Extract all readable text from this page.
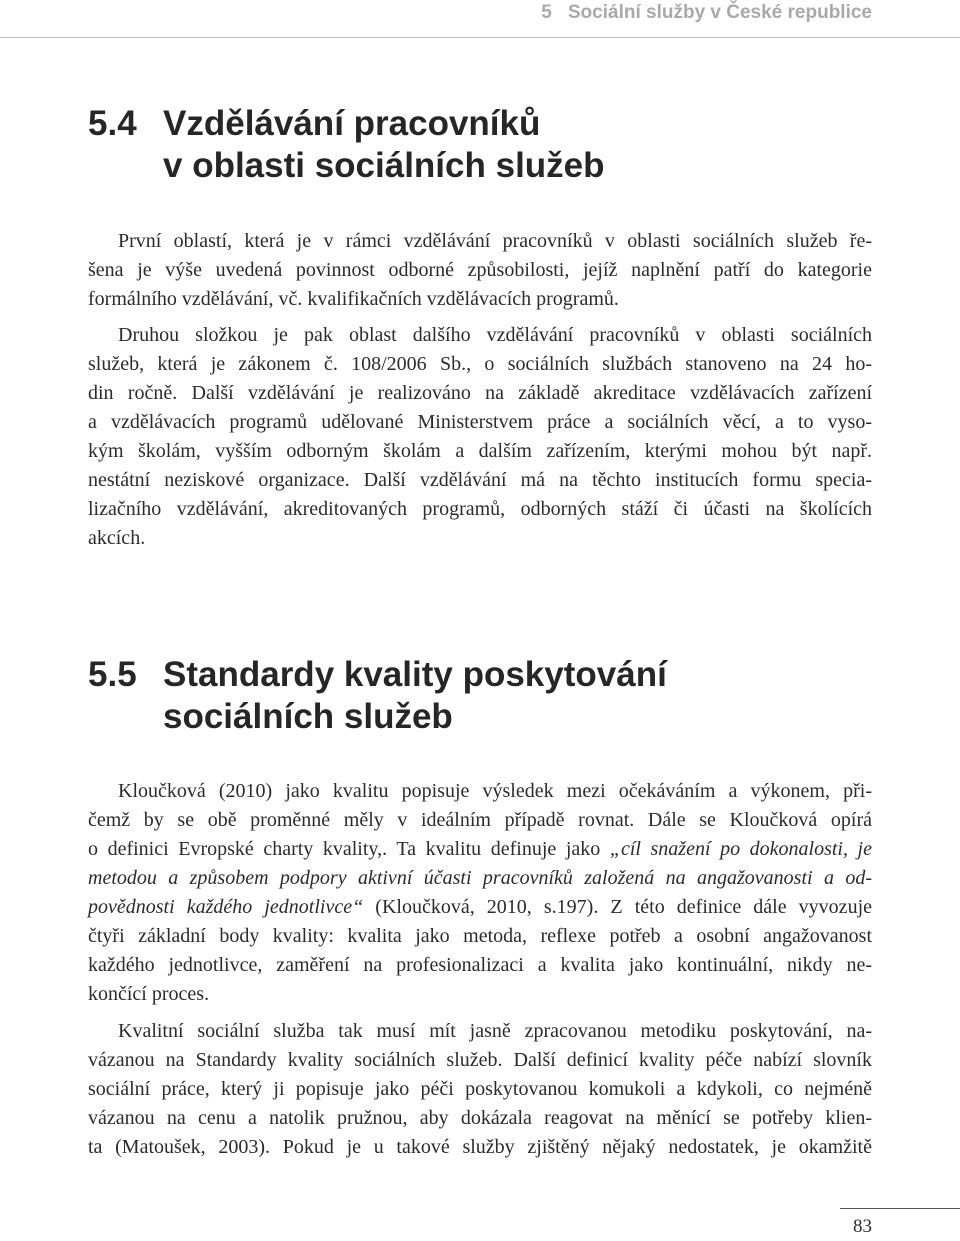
5 Sociální služby v České republice
5.4 Vzdělávání pracovníků
v oblasti sociálních služeb

První oblastí, která je v rámci vzdělávání pracovníků v oblasti sociálních služeb ře-
šena je výše uvedená povinnost odborné způsobilosti, jejíž naplnění patří do kategorie
formálního vzdělávání, vč. kvalifikačních vzdělávacích programů.

Druhou složkou je pak oblast dalšího vzdělávání pracovníků v oblasti sociálních
služeb, která je zákonem č. 108/2006 Sb., o sociálních službách stanoveno na 24 ho-
din ročně. Další vzdělávání je realizováno na základě akreditace vzdělávacích zařízení
a vzdělávacích programů udělované Ministerstvem práce a sociálních věcí, a to vyso-
kým školám, vyšším odborným školám a dalším zařízením, kterými mohou být např.
nestátní neziskové organizace. Další vzdělávání má na těchto institucích formu specia-
lizačního vzdělávání, akreditovaných programů, odborných stáží či účasti na školících
akcích.

5.5 Standardy kvality poskytování
sociálních služeb

Kloučková (2010) jako kvalitu popisuje výsledek mezi očekáváním a výkonem, při-
čemž by se obě proměnné měly v ideálním případě rovnat. Dále se Kloučková opírá
o definici Evropské charty kvality,. Ta kvalitu definuje jako „cíl snažení po dokonalosti, je
metodou a způsobem podpory aktivní účasti pracovníků založená na angažovanosti a od-
povědnosti každého jednotlivce“ (Kloučková, 2010, s.197). Z této definice dále vyvozuje
čtyři základní body kvality: kvalita jako metoda, reflexe potřeb a osobní angažovanost
každého jednotlivce, zaměření na profesionalizaci a kvalita jako kontinuální, nikdy ne-
končící proces.

Kvalitní sociální služba tak musí mít jasně zpracovanou metodiku poskytování, na-
vázanou na Standardy kvality sociálních služeb. Další definicí kvality péče nabízí slovník
sociální práce, který ji popisuje jako péči poskytovanou komukoli a kdykoli, co nejméně
vázanou na cenu a natolik pružnou, aby dokázala reagovat na měnící se potřeby klien-
ta (Matoušek, 2003). Pokud je u takové služby zjištěný nějaký nedostatek, je okamžitě

83
